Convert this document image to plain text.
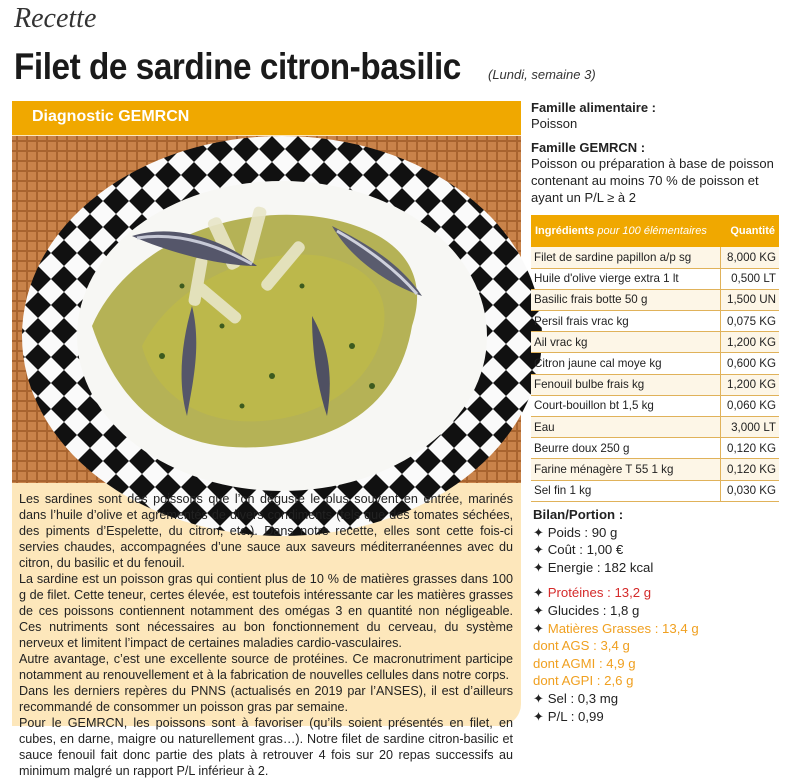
Recette
Filet de sardine citron-basilic (Lundi, semaine 3)
Diagnostic GEMRCN

Les sardines sont des poissons que l’on déguste le plus souvent en entrée, marinés dans l’huile d’olive et agrémentés de divers condiments (tels que des tomates séchées, des piments d’Espelette, du citron, etc.). Dans notre recette, elles sont cette fois-ci servies chaudes, accompagnées d’une sauce aux saveurs méditerranéennes avec du citron, du basilic et du fenouil.

La sardine est un poisson gras qui contient plus de 10 % de matières grasses dans 100 g de filet. Cette teneur, certes élevée, est toutefois intéressante car les matières grasses de ces poissons contiennent notamment des omégas 3 en quantité non négligeable. Ces nutriments sont nécessaires au bon fonctionnement du cerveau, du système nerveux et limitent l’impact de certaines maladies cardio-vasculaires.

Autre avantage, c’est une excellente source de protéines. Ce macronutriment participe notamment au renouvellement et à la fabrication de nouvelles cellules dans notre corps.

Dans les derniers repères du PNNS (actualisés en 2019 par l’ANSES), il est d’ailleurs recommandé de consommer un poisson gras par semaine.

Pour le GEMRCN, les poissons sont à favoriser (qu’ils soient présentés en filet, en cubes, en darne, maigre ou naturellement gras…). Notre filet de sardine citron-basilic et sauce fenouil fait donc partie des plats à retrouver 4 fois sur 20 repas successifs au minimum malgré un rapport P/L inférieur à 2.

Famille alimentaire :
Poisson
Famille GEMRCN :
Poisson ou préparation à base de poisson contenant au moins 70 % de poisson et ayant un P/L ≥ à 2
Ingrédients pour 100 élémentaires	Quantité
Filet de sardine papillon a/p sg	8,000 KG
Huile d'olive vierge extra 1 lt	0,500 LT
Basilic frais botte 50 g	1,500 UN
Persil frais vrac kg	0,075 KG
Ail vrac kg	1,200 KG
Citron jaune cal moye kg	0,600 KG
Fenouil bulbe frais kg	1,200 KG
Court-bouillon bt 1,5 kg	0,060 KG
Eau	3,000 LT
Beurre doux 250 g	0,120 KG
Farine ménagère T 55 1 kg	0,120 KG
Sel fin 1 kg	0,030 KG
Bilan/Portion :
✦ Poids : 90 g
✦ Coût : 1,00 €
✦ Energie : 182 kcal
✦ Protéines : 13,2 g
✦ Glucides : 1,8 g
✦ Matières Grasses : 13,4 g
dont AGS : 3,4 g
dont AGMI : 4,9 g
dont AGPI : 2,6 g
✦ Sel : 0,3 mg
✦ P/L : 0,99
